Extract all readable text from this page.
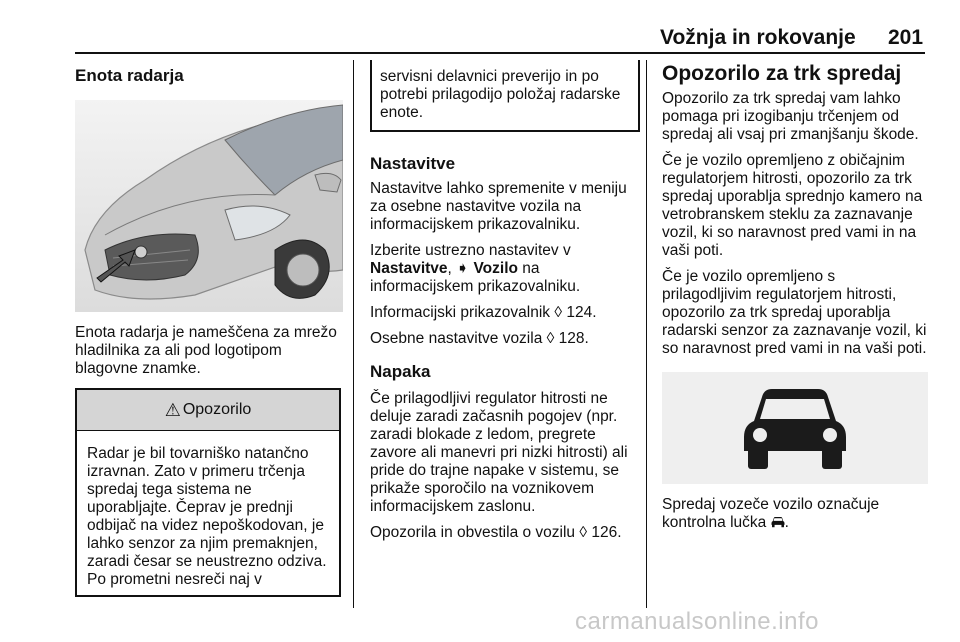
Vožnja in rokovanje 201
Enota radarja

Enota radarja je nameščena za mrežo hladilnika za ali pod logotipom blagovne znamke.

⚠ Opozorilo

Radar je bil tovarniško natančno izravnan. Zato v primeru trčenja spredaj tega sistema ne uporabljajte. Čeprav je prednji odbijač na videz nepoškodovan, je lahko senzor za njim premaknjen, zaradi česar se neustrezno odziva. Po prometni nesreči naj v

servisni delavnici preverijo in po potrebi prilagodijo položaj radarske enote.

Nastavitve

Nastavitve lahko spremenite v meniju za osebne nastavitve vozila na informacijskem prikazovalniku.

Izberite ustrezno nastavitev v
Nastavitve, ➧ Vozilo na informacijskem prikazovalniku.

Informacijski prikazovalnik ◊ 124.

Osebne nastavitve vozila ◊ 128.

Napaka

Če prilagodljivi regulator hitrosti ne deluje zaradi začasnih pogojev (npr. zaradi blokade z ledom, pregrete zavore ali manevri pri nizki hitrosti) ali pride do trajne napake v sistemu, se prikaže sporočilo na voznikovem informacijskem zaslonu.

Opozorila in obvestila o vozilu ◊ 126.

Opozorilo za trk spredaj

Opozorilo za trk spredaj vam lahko pomaga pri izogibanju trčenjem od spredaj ali vsaj pri zmanjšanju škode.

Če je vozilo opremljeno z običajnim regulatorjem hitrosti, opozorilo za trk spredaj uporablja sprednjo kamero na vetrobranskem steklu za zaznavanje vozil, ki so naravnost pred vami in na vaši poti.

Če je vozilo opremljeno s prilagodljivim regulatorjem hitrosti, opozorilo za trk spredaj uporablja radarski senzor za zaznavanje vozil, ki so naravnost pred vami in na vaši poti.

Spredaj vozeče vozilo označuje kontrolna lučka .

carmanualsonline.info
